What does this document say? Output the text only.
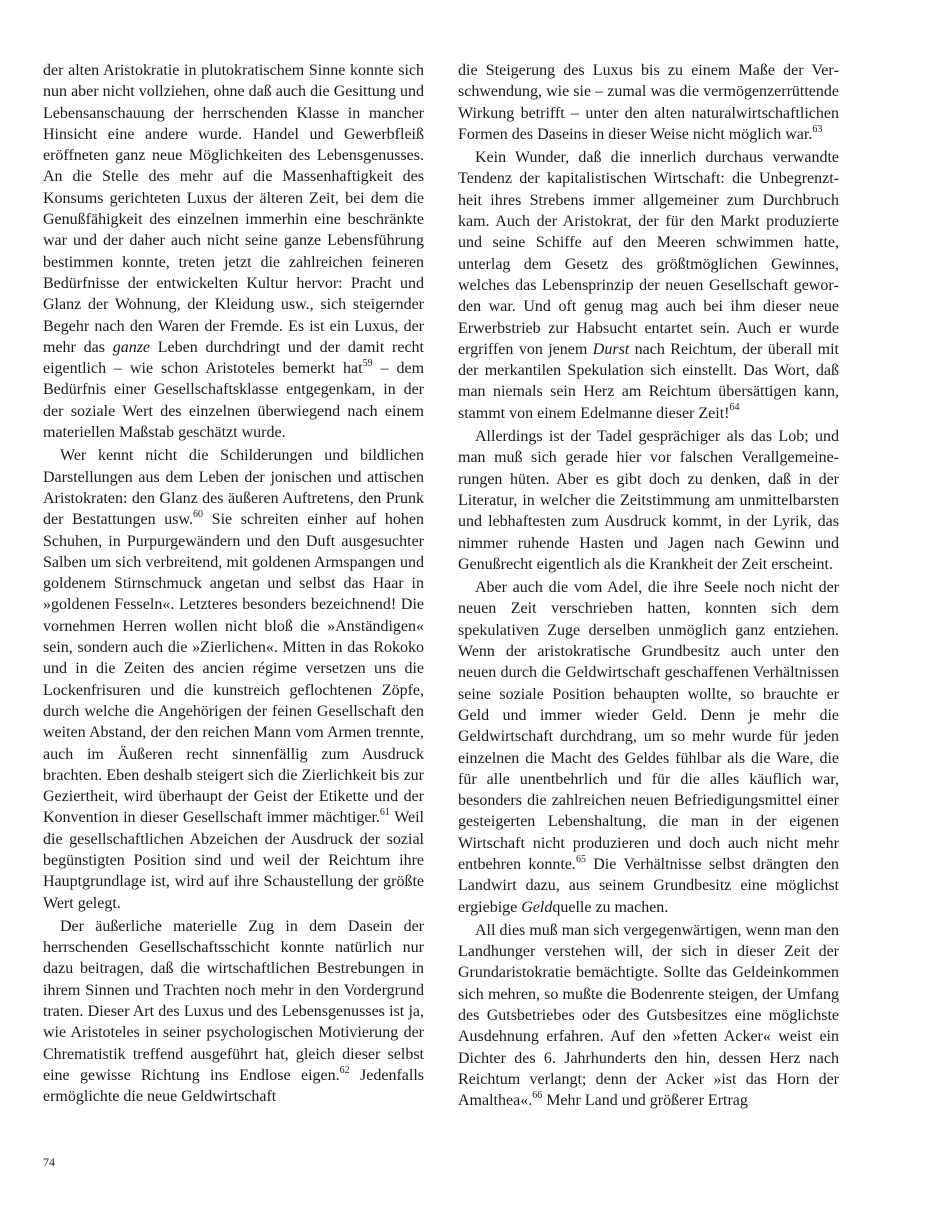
der alten Aristokratie in plutokratischem Sinne konnte sich nun aber nicht vollziehen, ohne daß auch die Gesittung und Lebensanschauung der herrschenden Klasse in mancher Hinsicht eine andere wurde. Handel und Gewerbfleiß eröffneten ganz neue Möglichkeiten des Lebensgenusses. An die Stelle des mehr auf die Massenhaftigkeit des Konsums gerichteten Luxus der älteren Zeit, bei dem die Genußfähigkeit des einzelnen immerhin eine beschränkte war und der daher auch nicht seine ganze Lebensführung bestimmen konnte, treten jetzt die zahlreichen feineren Bedürfnisse der entwickelten Kultur hervor: Pracht und Glanz der Wohnung, der Kleidung usw., sich steigernder Begehr nach den Waren der Fremde. Es ist ein Luxus, der mehr das ganze Leben durchdringt und der damit recht eigentlich – wie schon Aristoteles bemerkt hat$^{59}$ – dem Bedürfnis einer Gesellschaftsklasse entgegenkam, in der der soziale Wert des einzelnen überwiegend nach einem materiellen Maßstab geschätzt wurde.

Wer kennt nicht die Schilderungen und bildlichen Darstellungen aus dem Leben der jonischen und attischen Aristokraten: den Glanz des äußeren Auftretens, den Prunk der Bestattungen usw.$^{60}$ Sie schreiten einher auf hohen Schuhen, in Purpurgewändern und den Duft ausgesuchter Salben um sich verbreitend, mit goldenen Armspangen und goldenem Stirnschmuck angetan und selbst das Haar in »goldenen Fesseln«. Letzteres besonders bezeichnend! Die vornehmen Herren wollen nicht bloß die »Anständigen« sein, sondern auch die »Zierlichen«. Mitten in das Rokoko und in die Zeiten des ancien régime versetzen uns die Lockenfrisuren und die kunstreich geflochtenen Zöpfe, durch welche die Angehörigen der feinen Gesellschaft den weiten Abstand, der den reichen Mann vom Armen trennte, auch im Äußeren recht sinnenfällig zum Ausdruck brachten. Eben deshalb steigert sich die Zierlichkeit bis zur Geziertheit, wird überhaupt der Geist der Etikette und der Konvention in dieser Gesellschaft immer mächtiger.$^{61}$ Weil die gesellschaftlichen Abzeichen der Ausdruck der sozial begünstigten Position sind und weil der Reichtum ihre Hauptgrundlage ist, wird auf ihre Schaustellung der größte Wert gelegt.

Der äußerliche materielle Zug in dem Dasein der herrschenden Gesellschaftsschicht konnte natürlich nur dazu beitragen, daß die wirtschaftlichen Bestrebungen in ihrem Sinnen und Trachten noch mehr in den Vordergrund traten. Dieser Art des Luxus und des Lebensgenusses ist ja, wie Aristoteles in seiner psychologischen Motivierung der Chrematistik treffend ausgeführt hat, gleich dieser selbst eine gewisse Richtung ins Endlose eigen.$^{62}$ Jedenfalls ermöglichte die neue Geldwirtschaft

die Steigerung des Luxus bis zu einem Maße der Verschwendung, wie sie – zumal was die vermögenzerrüttende Wirkung betrifft – unter den alten naturalwirtschaftlichen Formen des Daseins in dieser Weise nicht möglich war.$^{63}$

Kein Wunder, daß die innerlich durchaus verwandte Tendenz der kapitalistischen Wirtschaft: die Unbegrenztheit ihres Strebens immer allgemeiner zum Durchbruch kam. Auch der Aristokrat, der für den Markt produzierte und seine Schiffe auf den Meeren schwimmen hatte, unterlag dem Gesetz des größtmöglichen Gewinnes, welches das Lebensprinzip der neuen Gesellschaft geworden war. Und oft genug mag auch bei ihm dieser neue Erwerbstrieb zur Habsucht entartet sein. Auch er wurde ergriffen von jenem Durst nach Reichtum, der überall mit der merkantilen Spekulation sich einstellt. Das Wort, daß man niemals sein Herz am Reichtum übersättigen kann, stammt von einem Edelmanne dieser Zeit!$^{64}$

Allerdings ist der Tadel gesprächiger als das Lob; und man muß sich gerade hier vor falschen Verallgemeinerungen hüten. Aber es gibt doch zu denken, daß in der Literatur, in welcher die Zeitstimmung am unmittelbarsten und lebhaftesten zum Ausdruck kommt, in der Lyrik, das nimmer ruhende Hasten und Jagen nach Gewinn und Genußrecht eigentlich als die Krankheit der Zeit erscheint.

Aber auch die vom Adel, die ihre Seele noch nicht der neuen Zeit verschrieben hatten, konnten sich dem spekulativen Zuge derselben unmöglich ganz entziehen. Wenn der aristokratische Grundbesitz auch unter den neuen durch die Geldwirtschaft geschaffenen Verhältnissen seine soziale Position behaupten wollte, so brauchte er Geld und immer wieder Geld. Denn je mehr die Geldwirtschaft durchdrang, um so mehr wurde für jeden einzelnen die Macht des Geldes fühlbar als die Ware, die für alle unentbehrlich und für die alles käuflich war, besonders die zahlreichen neuen Befriedigungsmittel einer gesteigerten Lebenshaltung, die man in der eigenen Wirtschaft nicht produzieren und doch auch nicht mehr entbehren konnte.$^{65}$ Die Verhältnisse selbst drängten den Landwirt dazu, aus seinem Grundbesitz eine möglichst ergiebige Geldquelle zu machen.

All dies muß man sich vergegenwärtigen, wenn man den Landhunger verstehen will, der sich in dieser Zeit der Grundaristokratie bemächtigte. Sollte das Geldeinkommen sich mehren, so mußte die Bodenrente steigen, der Umfang des Gutsbetriebes oder des Gutsbesitzes eine möglichste Ausdehnung erfahren. Auf den »fetten Acker« weist ein Dichter des 6. Jahrhunderts den hin, dessen Herz nach Reichtum verlangt; denn der Acker »ist das Horn der Amalthea«.$^{66}$ Mehr Land und größerer Ertrag

74
